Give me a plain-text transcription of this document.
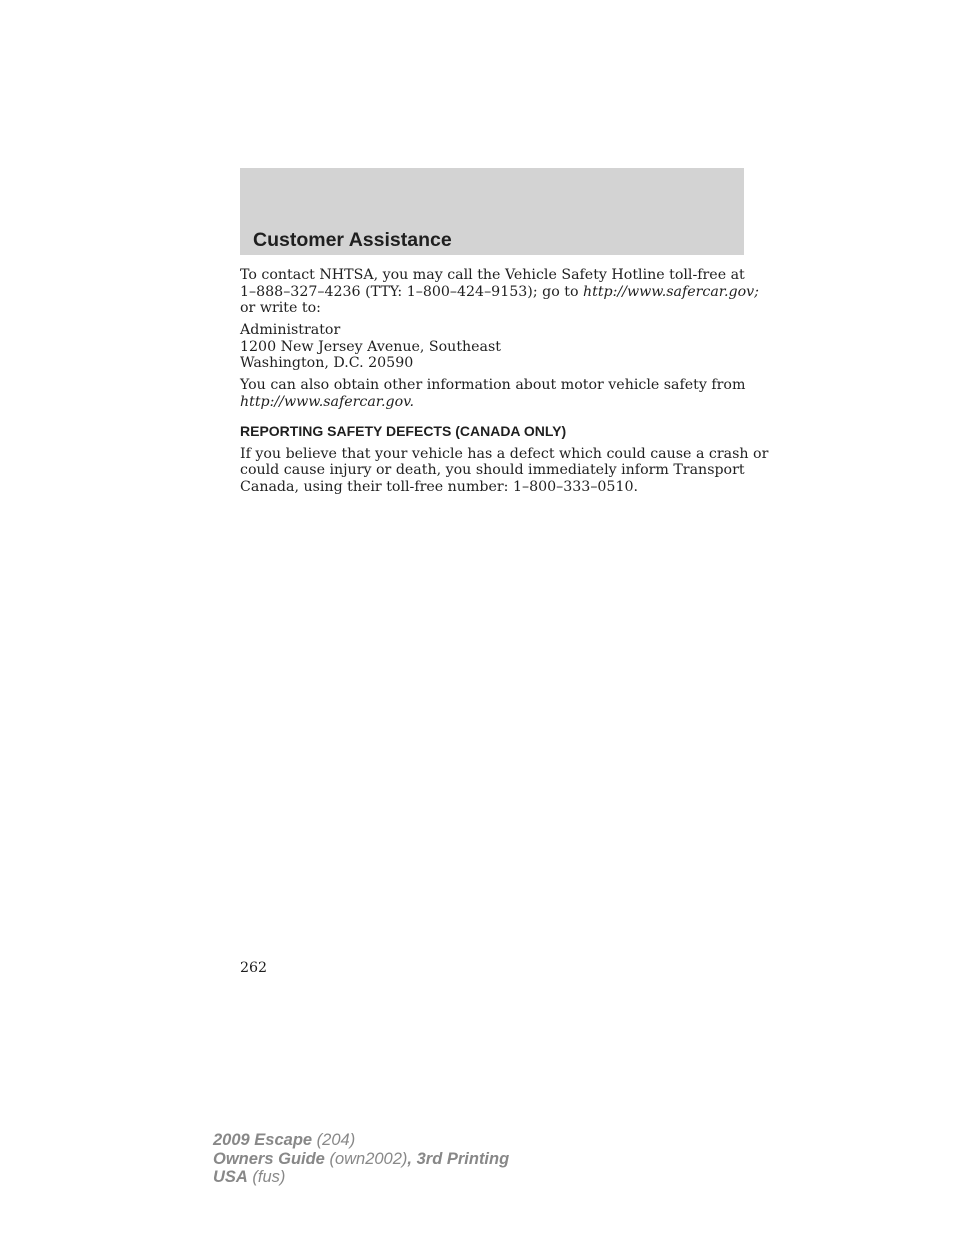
Customer Assistance

To contact NHTSA, you may call the Vehicle Safety Hotline toll-free at
1–888–327–4236 (TTY: 1–800–424–9153); go to http://www.safercar.gov;
or write to:

Administrator
1200 New Jersey Avenue, Southeast
Washington, D.C. 20590

You can also obtain other information about motor vehicle safety from
http://www.safercar.gov.

REPORTING SAFETY DEFECTS (CANADA ONLY)

If you believe that your vehicle has a defect which could cause a crash or
could cause injury or death, you should immediately inform Transport
Canada, using their toll-free number: 1–800–333–0510.

262
2009 Escape (204)
Owners Guide (own2002), 3rd Printing
USA (fus)
